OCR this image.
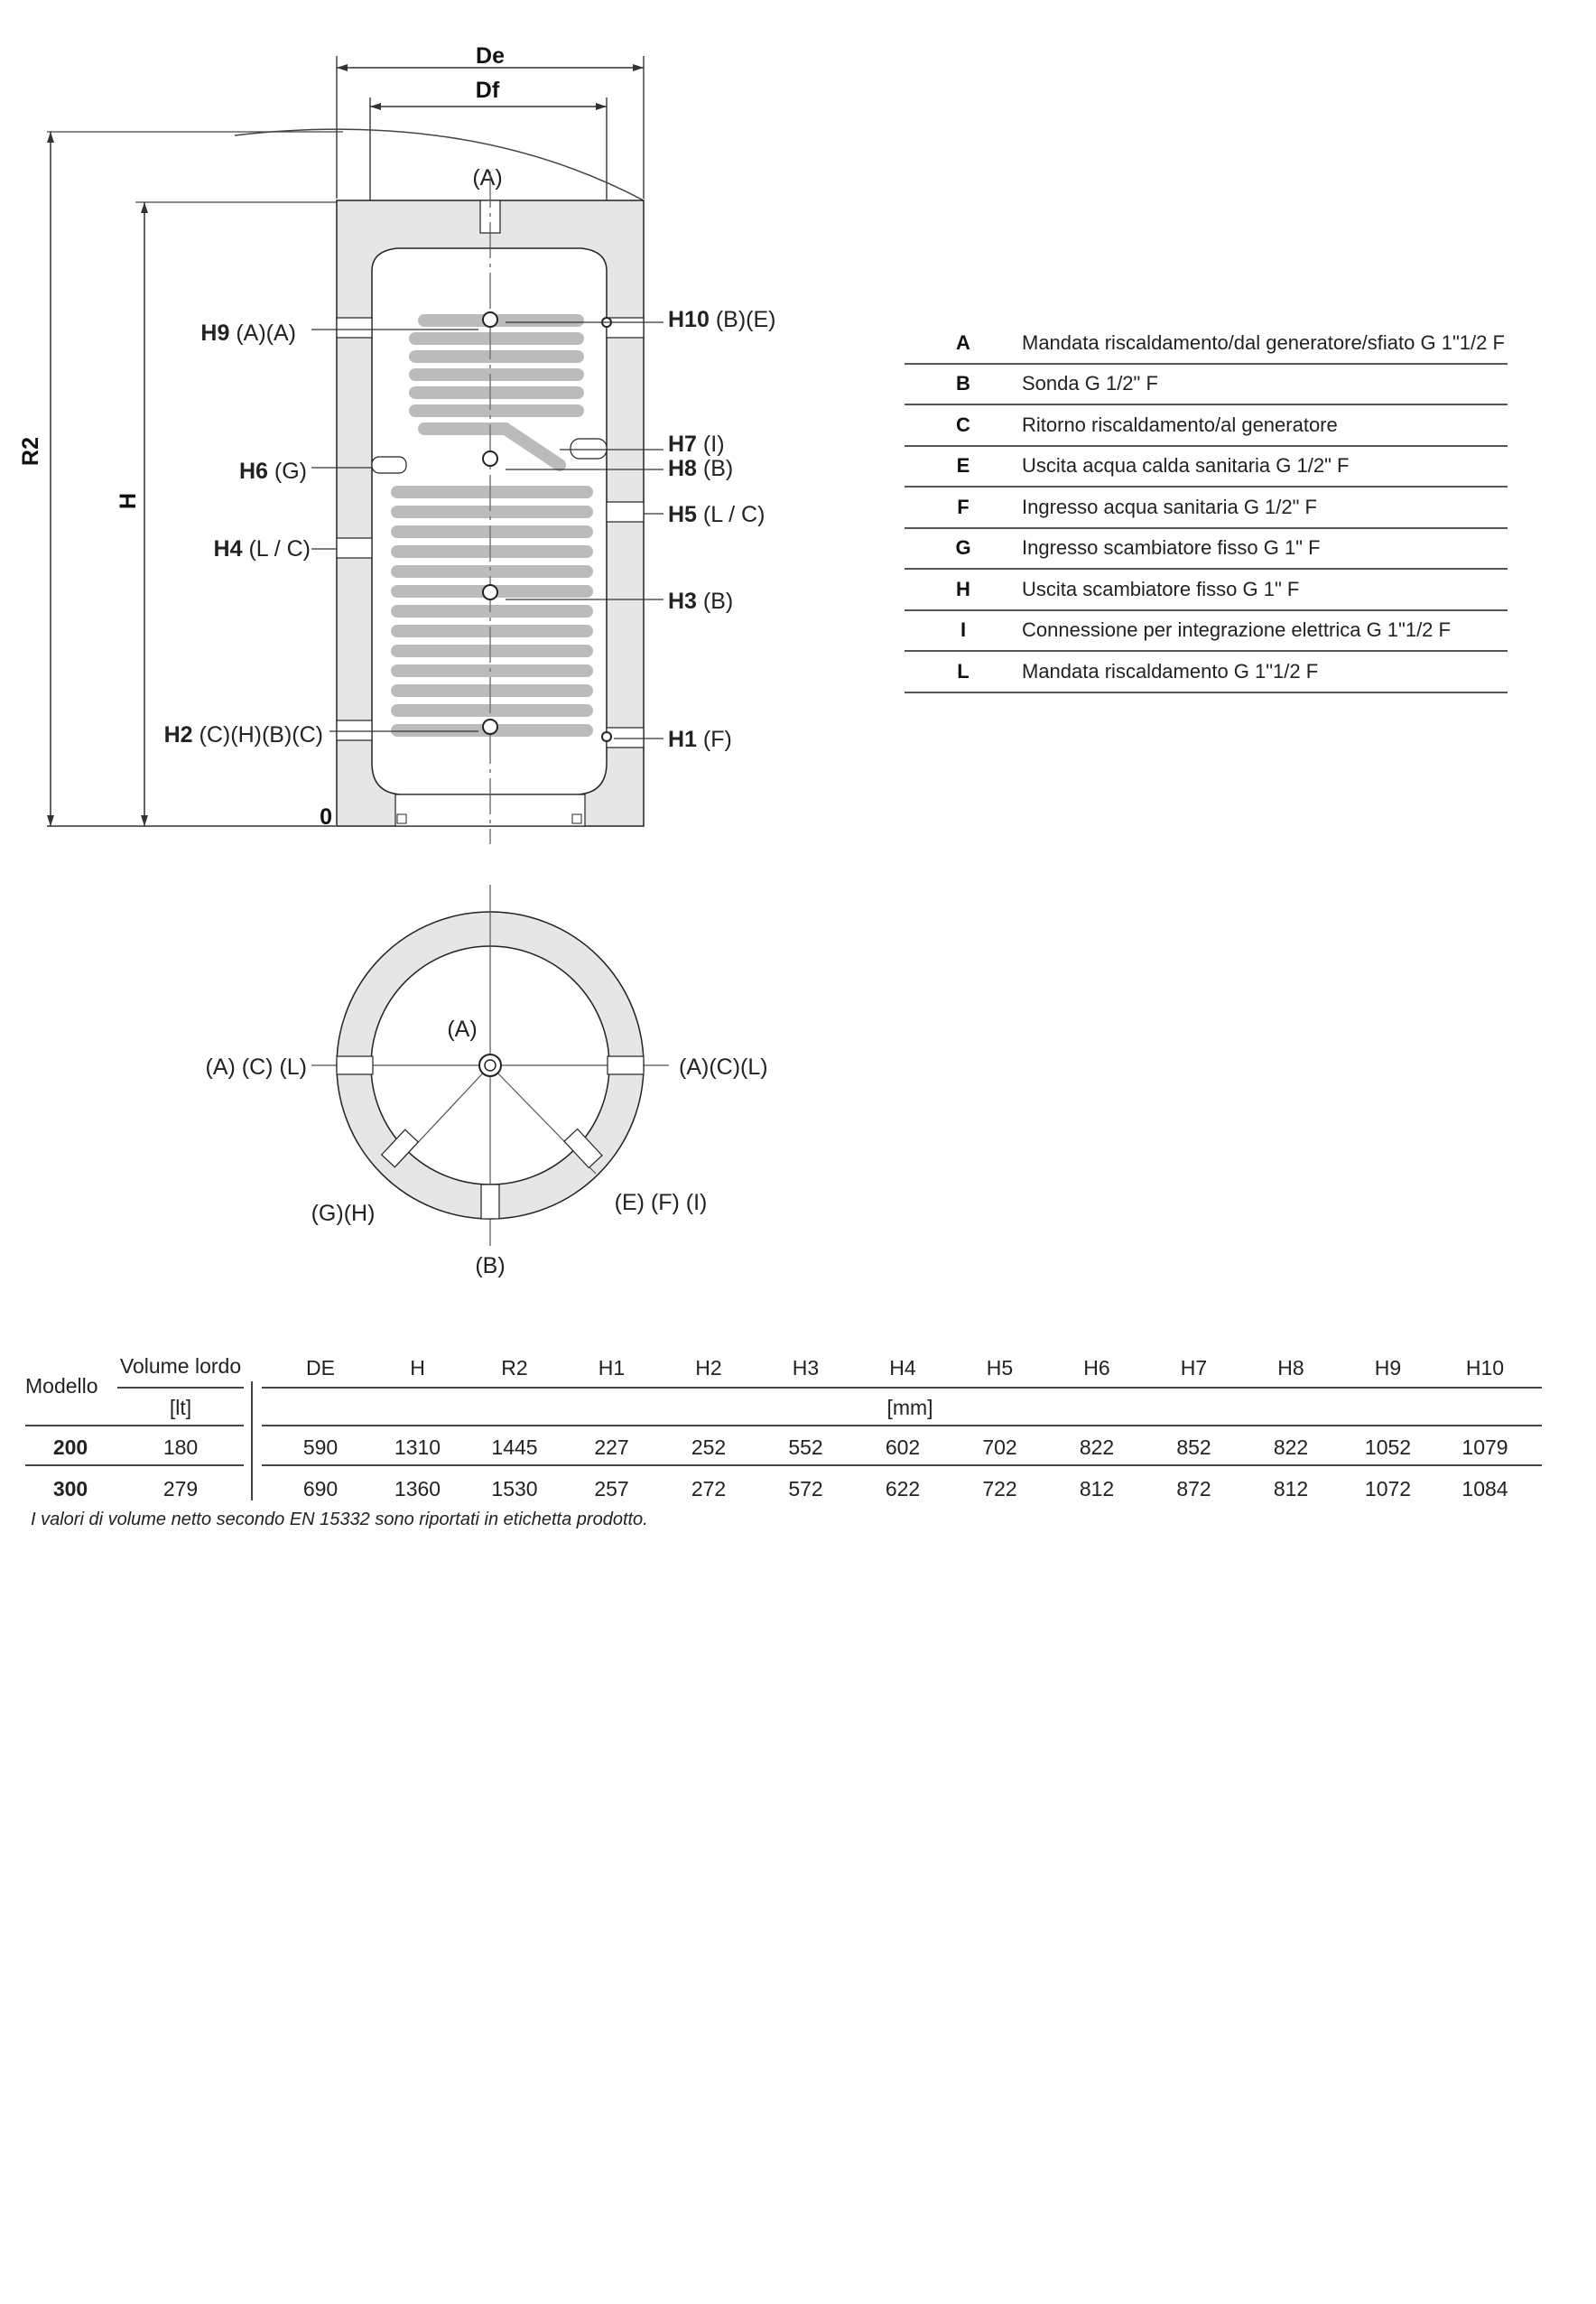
De
Df
R2
H
0
(A)
H9 (A)(A)
H6 (G)
H4 (L / C)
H2 (C)(H)(B)(C)
H10 (B)(E)
H7 (I)
H8 (B)
H5 (L / C)
H3 (B)
H1 (F)
(A)
(A) (C) (L)	(A)(C)(L)
(G)(H)	(E) (F) (I)
(B)
A	Mandata riscaldamento/dal generatore/sfiato G 1"1/2 F
B	Sonda G 1/2" F
C	Ritorno riscaldamento/al generatore
E	Uscita acqua calda sanitaria G 1/2" F
F	Ingresso acqua sanitaria G 1/2" F
G	Ingresso scambiatore fisso G 1" F
H	Uscita scambiatore fisso G 1" F
I	Connessione per integrazione elettrica G 1"1/2 F
L	Mandata riscaldamento G 1"1/2 F
Modello
Volume lordo	DE	H	R2	H1	H2	H3	H4	H5	H6	H7	H8	H9	H10
[lt]	[mm]
200	180	590	1310	1445	227	252	552	602	702	822	852	822	1052	1079
300	279	690	1360	1530	257	272	572	622	722	812	872	812	1072	1084
I valori di volume netto secondo EN 15332 sono riportati in etichetta prodotto.
